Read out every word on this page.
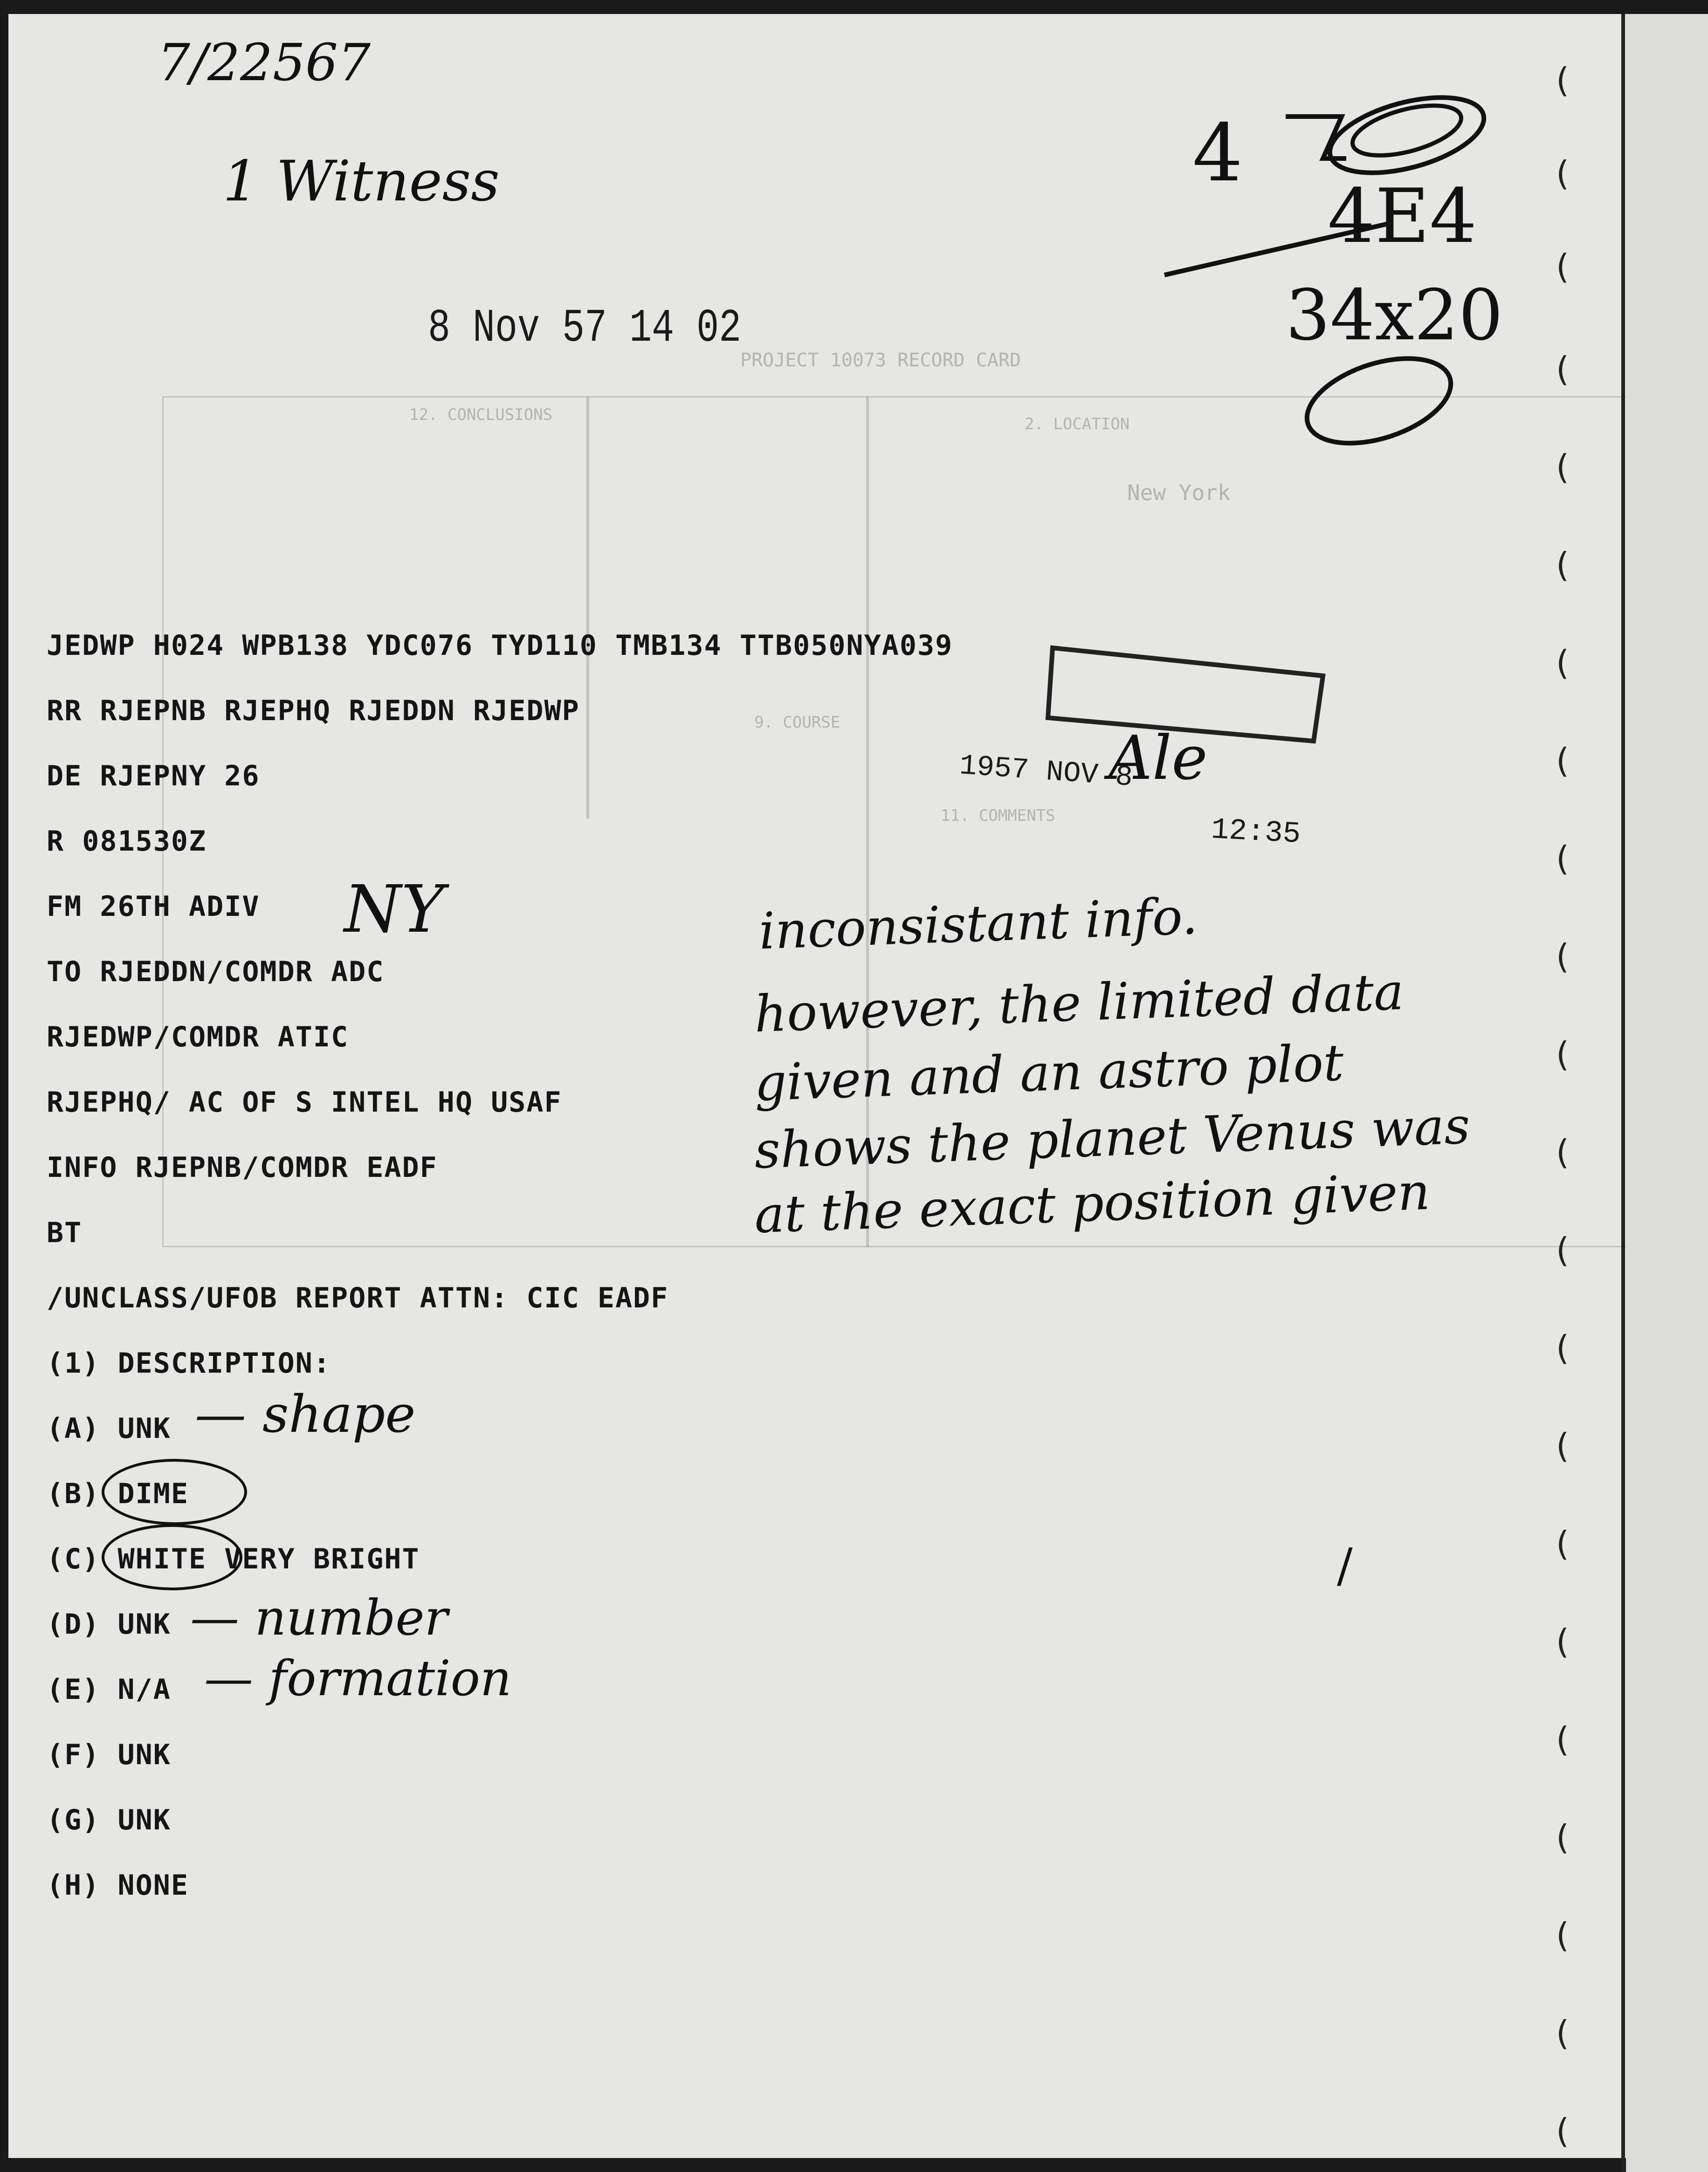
PROJECT 10073 RECORD CARD
2. LOCATION
New York
12. CONCLUSIONS
9. COURSE
11. COMMENTS
7/22567
1 Witness	4
4E4
34x20
8 Nov 57 14 02
1957 NOV 8
12:35
Ale
JEDWP H024 WPB138 YDC076 TYD110 TMB134 TTB050NYA039
RR RJEPNB RJEPHQ RJEDDN RJEDWP
DE RJEPNY 26
R 081530Z
FM 26TH ADIV
TO RJEDDN/COMDR ADC
RJEDWP/COMDR ATIC
RJEPHQ/ AC OF S INTEL HQ USAF
INFO RJEPNB/COMDR EADF
BT
/UNCLASS/UFOB REPORT ATTN: CIC EADF
(1) DESCRIPTION:
(A) UNK
(B) DIME
(C) WHITE VERY BRIGHT
(D) UNK
(E) N/A
(F) UNK
(G) UNK
(H) NONE
NY
— shape
— number
— formation
inconsistant info.
however, the limited data
given and an astro plot
shows the planet Venus was
at the exact position given
/
(
(
(
(
(
(
(
(
(
(
(
(
(
(
(
(
(
(
(
(
(
(
